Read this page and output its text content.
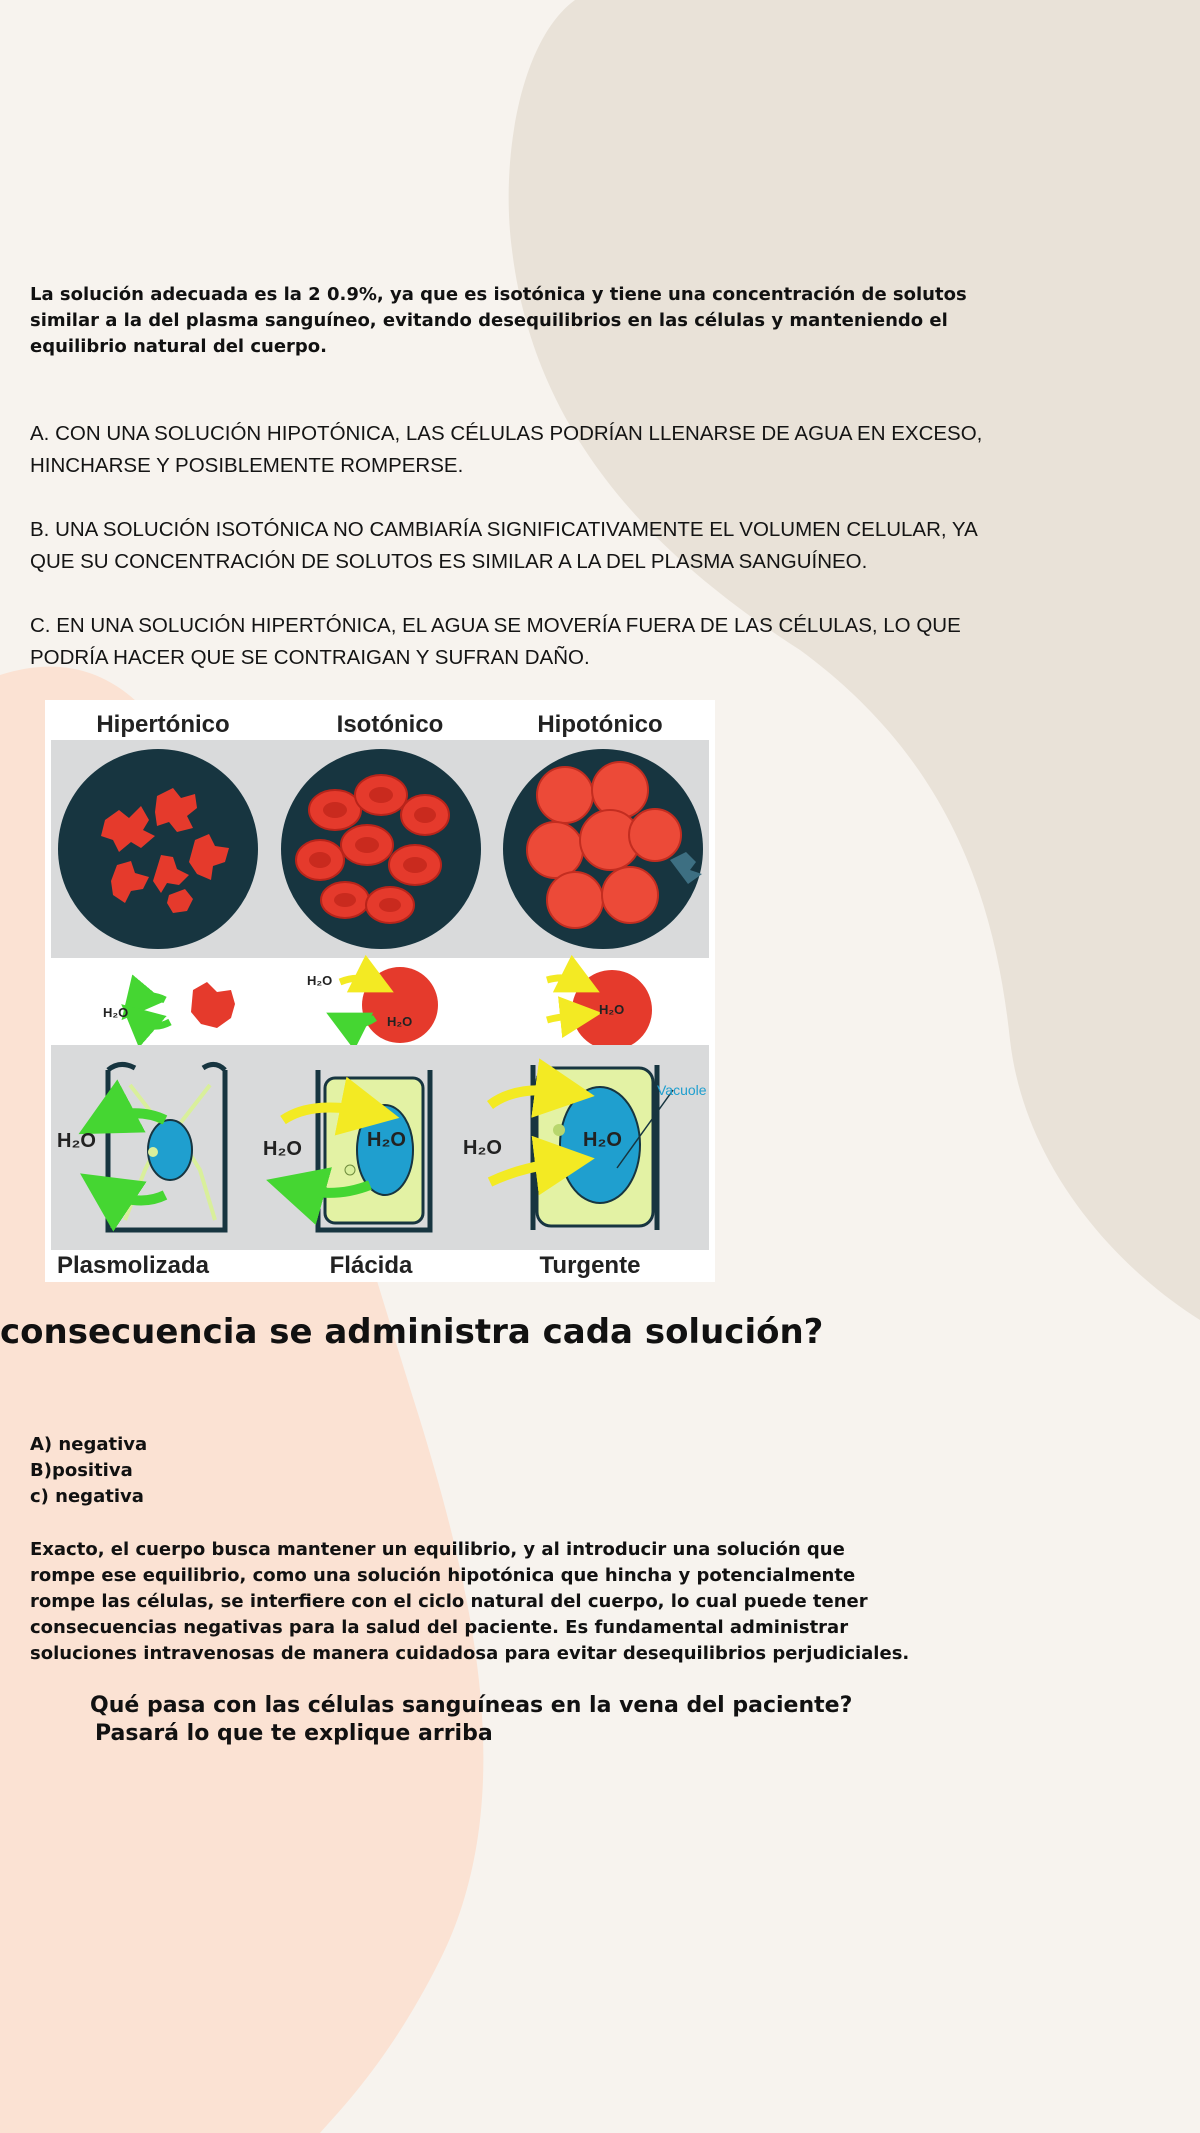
La solución adecuada es la 2 0.9%, ya que es isotónica y tiene una concentración de solutos similar a la del plasma sanguíneo, evitando desequilibrios en las células y manteniendo el equilibrio natural del cuerpo.

A. CON UNA SOLUCIÓN HIPOTÓNICA, LAS CÉLULAS PODRÍAN LLENARSE DE AGUA EN EXCESO, HINCHARSE Y POSIBLEMENTE ROMPERSE.

B. UNA SOLUCIÓN ISOTÓNICA NO CAMBIARÍA SIGNIFICATIVAMENTE EL VOLUMEN CELULAR, YA QUE SU CONCENTRACIÓN DE SOLUTOS ES SIMILAR A LA DEL PLASMA SANGUÍNEO.

C. EN UNA SOLUCIÓN HIPERTÓNICA, EL AGUA SE MOVERÍA FUERA DE LAS CÉLULAS, LO QUE PODRÍA HACER QUE SE CONTRAIGAN Y SUFRAN DAÑO.

Hipertónico	Isotónico	Hipotónico
H₂O
H₂O
H₂O
H₂O
H₂O	H₂O	H₂O	H₂O	H₂O
Vacuole
Plasmolizada	Flácida	Turgente
consecuencia se administra cada solución?
A) negativa
B)positiva
c) negativa

Exacto, el cuerpo busca mantener un equilibrio, y al introducir una solución que rompe ese equilibrio, como una solución hipotónica que hincha y potencialmente rompe las células, se interfiere con el ciclo natural del cuerpo, lo cual puede tener consecuencias negativas para la salud del paciente. Es fundamental administrar soluciones intravenosas de manera cuidadosa para evitar desequilibrios perjudiciales.

Qué pasa con las células sanguíneas en la vena del paciente?

Pasará lo que te explique arriba
